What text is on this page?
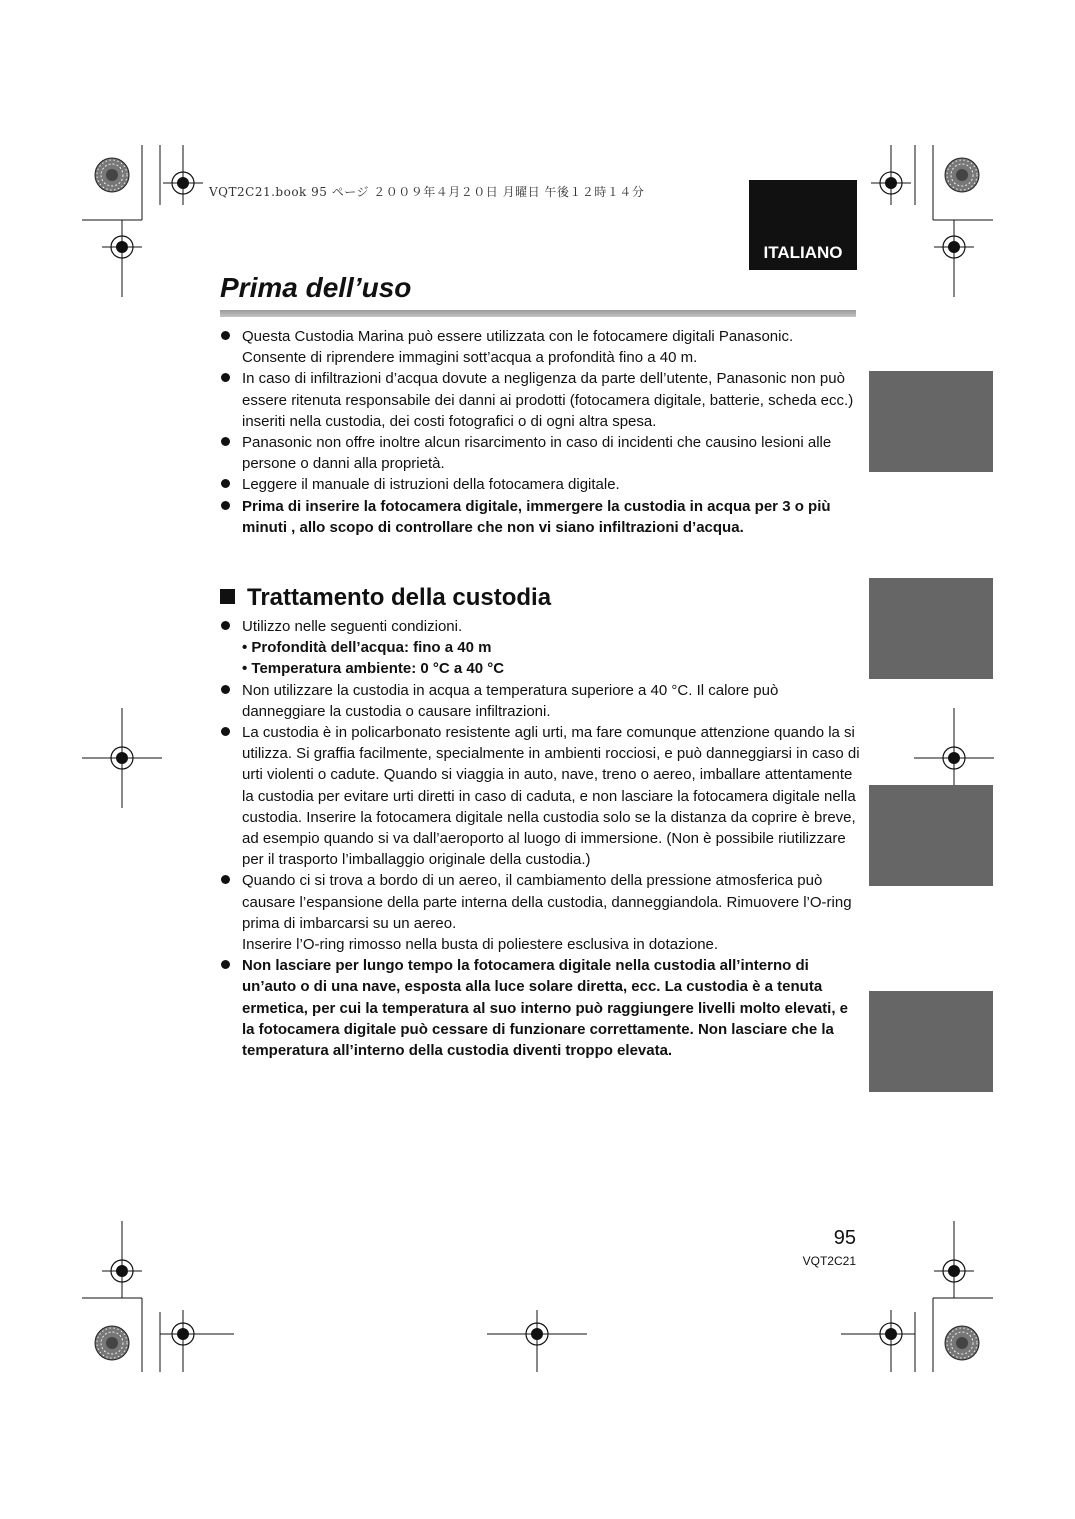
VQT2C21.book 95 ページ ２００９年４月２０日 月曜日 午後１２時１４分
ITALIANO
Prima dell’uso
Questa Custodia Marina può essere utilizzata con le fotocamere digitali Panasonic. Consente di riprendere immagini sott’acqua a profondità fino a 40 m.
In caso di infiltrazioni d’acqua dovute a negligenza da parte dell’utente, Panasonic non può essere ritenuta responsabile dei danni ai prodotti (fotocamera digitale, batterie, scheda ecc.) inseriti nella custodia, dei costi fotografici o di ogni altra spesa.
Panasonic non offre inoltre alcun risarcimento in caso di incidenti che causino lesioni alle persone o danni alla proprietà.
Leggere il manuale di istruzioni della fotocamera digitale.
Prima di inserire la fotocamera digitale, immergere la custodia in acqua per 3 o più minuti , allo scopo di controllare che non vi siano infiltrazioni d’acqua.
Trattamento della custodia
Utilizzo nelle seguenti condizioni.
• Profondità dell’acqua: fino a 40 m
• Temperatura ambiente: 0 °C a 40 °C
Non utilizzare la custodia in acqua a temperatura superiore a 40 °C. Il calore può danneggiare la custodia o causare infiltrazioni.
La custodia è in policarbonato resistente agli urti, ma fare comunque attenzione quando la si utilizza. Si graffia facilmente, specialmente in ambienti rocciosi, e può danneggiarsi in caso di urti violenti o cadute. Quando si viaggia in auto, nave, treno o aereo, imballare attentamente la custodia per evitare urti diretti in caso di caduta, e non lasciare la fotocamera digitale nella custodia. Inserire la fotocamera digitale nella custodia solo se la distanza da coprire è breve, ad esempio quando si va dall’aeroporto al luogo di immersione. (Non è possibile riutilizzare per il trasporto l’imballaggio originale della custodia.)
Quando ci si trova a bordo di un aereo, il cambiamento della pressione atmosferica può causare l’espansione della parte interna della custodia, danneggiandola. Rimuovere l’O-ring prima di imbarcarsi su un aereo.
Inserire l’O-ring rimosso nella busta di poliestere esclusiva in dotazione.
Non lasciare per lungo tempo la fotocamera digitale nella custodia all’interno di un’auto o di una nave, esposta alla luce solare diretta, ecc. La custodia è a tenuta ermetica, per cui la temperatura al suo interno può raggiungere livelli molto elevati, e la fotocamera digitale può cessare di funzionare correttamente. Non lasciare che la temperatura all’interno della custodia diventi troppo elevata.
95
VQT2C21
